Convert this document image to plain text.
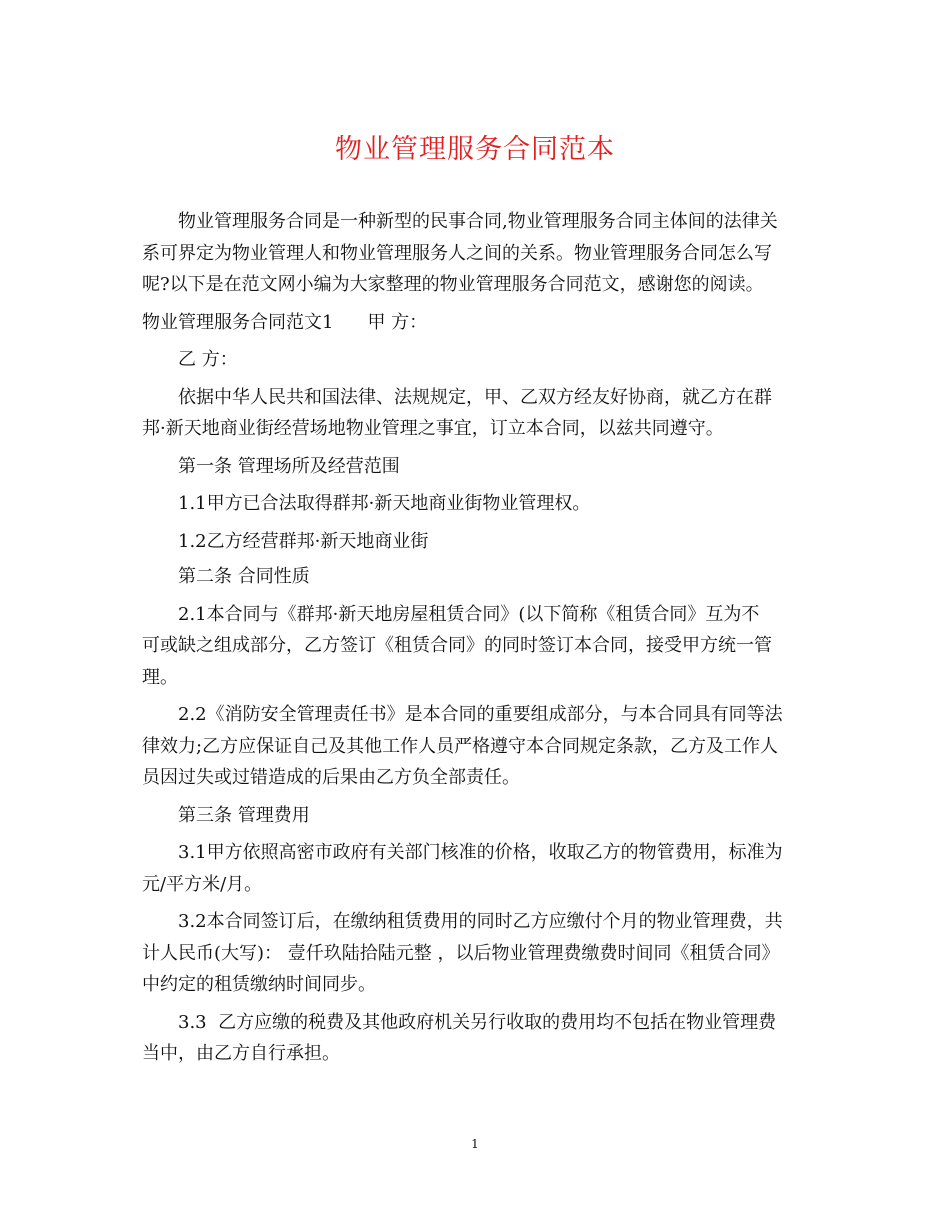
物业管理服务合同范本
物业管理服务合同是一种新型的民事合同,物业管理服务合同主体间的法律关
系可界定为物业管理人和物业管理服务人之间的关系。物业管理服务合同怎么写
呢?以下是在范文网小编为大家整理的物业管理服务合同范文，感谢您的阅读。
物业管理服务合同范文1 甲 方：
乙 方：
依据中华人民共和国法律、法规规定，甲、乙双方经友好协商，就乙方在群
邦·新天地商业街经营场地物业管理之事宜，订立本合同，以兹共同遵守。
第一条 管理场所及经营范围
1.1甲方已合法取得群邦·新天地商业街物业管理权。
1.2乙方经营群邦·新天地商业街
第二条 合同性质
2.1本合同与《群邦·新天地房屋租赁合同》(以下简称《租赁合同》互为不
可或缺之组成部分，乙方签订《租赁合同》的同时签订本合同，接受甲方统一管
理。
2.2《消防安全管理责任书》是本合同的重要组成部分，与本合同具有同等法
律效力;乙方应保证自己及其他工作人员严格遵守本合同规定条款，乙方及工作人
员因过失或过错造成的后果由乙方负全部责任。
第三条 管理费用
3.1甲方依照高密市政府有关部门核准的价格，收取乙方的物管费用，标准为
元/平方米/月。
3.2本合同签订后，在缴纳租赁费用的同时乙方应缴付个月的物业管理费，共
计人民币(大写)： 壹仟玖陆拾陆元整 ，以后物业管理费缴费时间同《租赁合同》
中约定的租赁缴纳时间同步。
3.3  乙方应缴的税费及其他政府机关另行收取的费用均不包括在物业管理费
当中，由乙方自行承担。
1
